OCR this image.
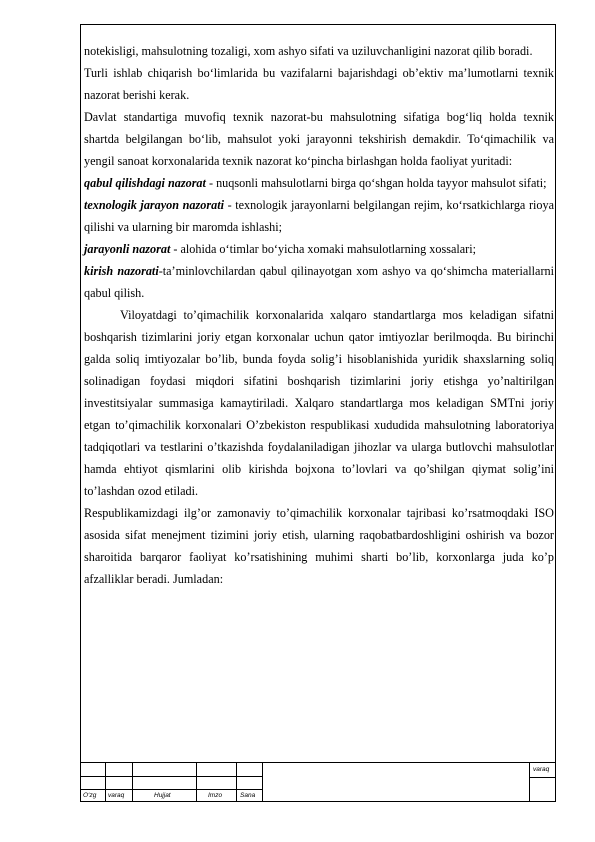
notekisligi, mahsulotning tozaligi, xom ashyo sifati va uziluvchanligini nazorat qilib boradi.

Turli ishlab chiqarish bo‘limlarida bu vazifalarni bajarishdagi ob’ektiv ma’lumotlarni texnik nazorat berishi kerak.

Davlat standartiga muvofiq texnik nazorat-bu mahsulotning sifatiga bog‘liq holda texnik shartda belgilangan bo‘lib, mahsulot yoki jarayonni tekshirish demakdir. To‘qimachilik va yengil sanoat korxonalarida texnik nazorat ko‘pincha birlashgan holda faoliyat yuritadi:

qabul qilishdagi nazorat - nuqsonli mahsulotlarni birga qo‘shgan holda tayyor mahsulot sifati;

texnologik jarayon nazorati - texnologik jarayonlarni belgilangan rejim, ko‘rsatkichlarga rioya qilishi va ularning bir maromda ishlashi;

jarayonli nazorat - alohida o‘timlar bo‘yicha xomaki mahsulotlarning xossalari;

kirish nazorati-ta’minlovchilardan qabul qilinayotgan xom ashyo va qo‘shimcha materiallarni qabul qilish.

Viloyatdagi to’qimachilik korxonalarida xalqaro standartlarga mos keladigan sifatni boshqarish tizimlarini joriy etgan korxonalar uchun qator imtiyozlar berilmoqda. Bu birinchi galda soliq imtiyozalar bo’lib, bunda foyda solig’i hisoblanishida yuridik shaxslarning soliq solinadigan foydasi miqdori sifatini boshqarish tizimlarini joriy etishga yo’naltirilgan investitsiyalar summasiga kamaytiriladi. Xalqaro standartlarga mos keladigan SMTni joriy etgan to’qimachilik korxonalari O’zbekiston respublikasi xududida mahsulotning laboratoriya tadqiqotlari va testlarini o’tkazishda foydalaniladigan jihozlar va ularga butlovchi mahsulotlar hamda ehtiyot qismlarini olib kirishda bojxona to’lovlari va qo’shilgan qiymat solig’ini to’lashdan ozod etiladi.

Respublikamizdagi ilg’or zamonaviy to’qimachilik korxonalar tajribasi ko’rsatmoqdaki ISO asosida sifat menejment tizimini joriy etish, ularning raqobatbardoshligini oshirish va bozor sharoitida barqaror faoliyat ko’rsatishining muhimi sharti bo’lib, korxonlarga juda ko’p afzalliklar beradi. Jumladan:

O‘zg varaq	Hujjat	Imzo	Sana
varaq
